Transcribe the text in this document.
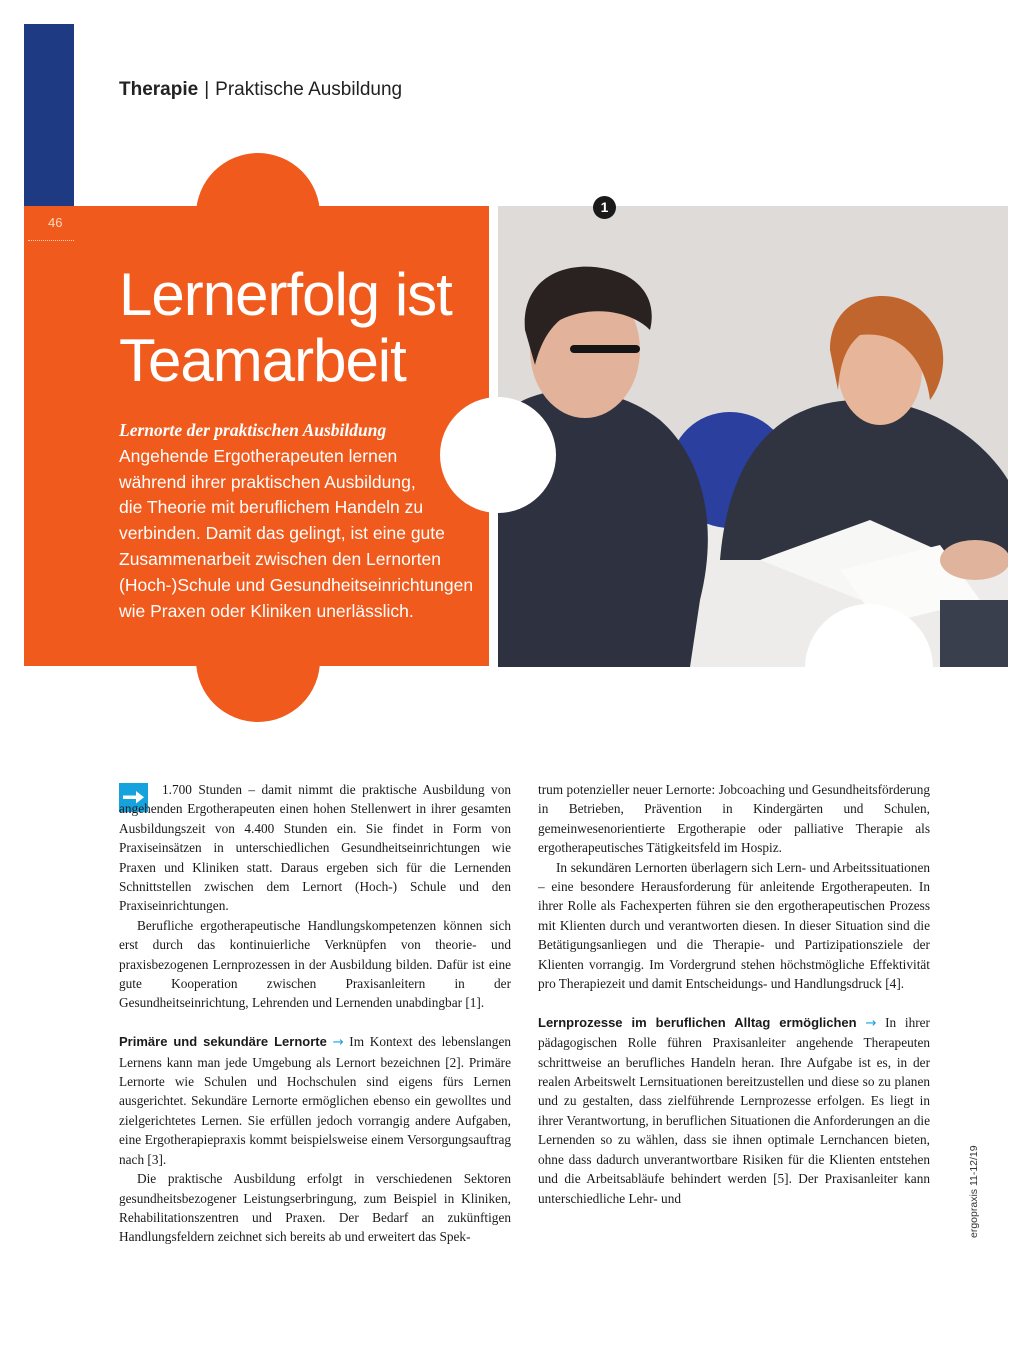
Therapie | Praktische Ausbildung
46
1
Lernerfolg ist
Teamarbeit
Lernorte der praktischen Ausbildung
Angehende Ergotherapeuten lernen
während ihrer praktischen Ausbildung,
die Theorie mit beruflichem Handeln zu
verbinden. Damit das gelingt, ist eine gute
Zusammenarbeit zwischen den Lernorten
(Hoch-)Schule und Gesundheitseinrichtungen
wie Praxen oder Kliniken unerlässlich.

1.700 Stunden – damit nimmt die praktische Ausbildung von angehenden Ergotherapeuten einen hohen Stellenwert in ihrer gesamten Ausbildungszeit von 4.400 Stunden ein. Sie findet in Form von Praxiseinsätzen in unterschiedlichen Gesundheitseinrichtungen wie Praxen und Kliniken statt. Daraus ergeben sich für die Lernenden Schnittstellen zwischen dem Lernort (Hoch-) Schule und den Praxiseinrichtungen.

Berufliche ergotherapeutische Handlungskompetenzen können sich erst durch das kontinuierliche Verknüpfen von theorie- und praxisbezogenen Lernprozessen in der Ausbildung bilden. Dafür ist eine gute Kooperation zwischen Praxisanleitern in der Gesundheitseinrichtung, Lehrenden und Lernenden unabdingbar [1].

Primäre und sekundäre Lernorte → Im Kontext des lebenslangen Lernens kann man jede Umgebung als Lernort bezeichnen [2]. Primäre Lernorte wie Schulen und Hochschulen sind eigens fürs Lernen ausgerichtet. Sekundäre Lernorte ermöglichen ebenso ein gewolltes und zielgerichtetes Lernen. Sie erfüllen jedoch vorrangig andere Aufgaben, eine Ergotherapiepraxis kommt beispielsweise einem Versorgungsauftrag nach [3].

Die praktische Ausbildung erfolgt in verschiedenen Sektoren gesundheitsbezogener Leistungserbringung, zum Beispiel in Kliniken, Rehabilitationszentren und Praxen. Der Bedarf an zukünftigen Handlungsfeldern zeichnet sich bereits ab und erweitert das Spek-

trum potenzieller neuer Lernorte: Jobcoaching und Gesundheitsförderung in Betrieben, Prävention in Kindergärten und Schulen, gemeinwesenorientierte Ergotherapie oder palliative Therapie als ergotherapeutisches Tätigkeitsfeld im Hospiz.

In sekundären Lernorten überlagern sich Lern- und Arbeitssituationen – eine besondere Herausforderung für anleitende Ergotherapeuten. In ihrer Rolle als Fachexperten führen sie den ergotherapeutischen Prozess mit Klienten durch und verantworten diesen. In dieser Situation sind die Betätigungsanliegen und die Therapie- und Partizipationsziele der Klienten vorrangig. Im Vordergrund stehen höchstmögliche Effektivität pro Therapiezeit und damit Entscheidungs- und Handlungsdruck [4].

Lernprozesse im beruflichen Alltag ermöglichen → In ihrer pädagogischen Rolle führen Praxisanleiter angehende Therapeuten schrittweise an berufliches Handeln heran. Ihre Aufgabe ist es, in der realen Arbeitswelt Lernsituationen bereitzustellen und diese so zu planen und zu gestalten, dass zielführende Lernprozesse erfolgen. Es liegt in ihrer Verantwortung, in beruflichen Situationen die Anforderungen an die Lernenden so zu wählen, dass sie ihnen optimale Lernchancen bieten, ohne dass dadurch unverantwortbare Risiken für die Klienten entstehen und die Arbeitsabläufe behindert werden [5]. Der Praxisanleiter kann unterschiedliche Lehr- und	ergopraxis 11-12/19
